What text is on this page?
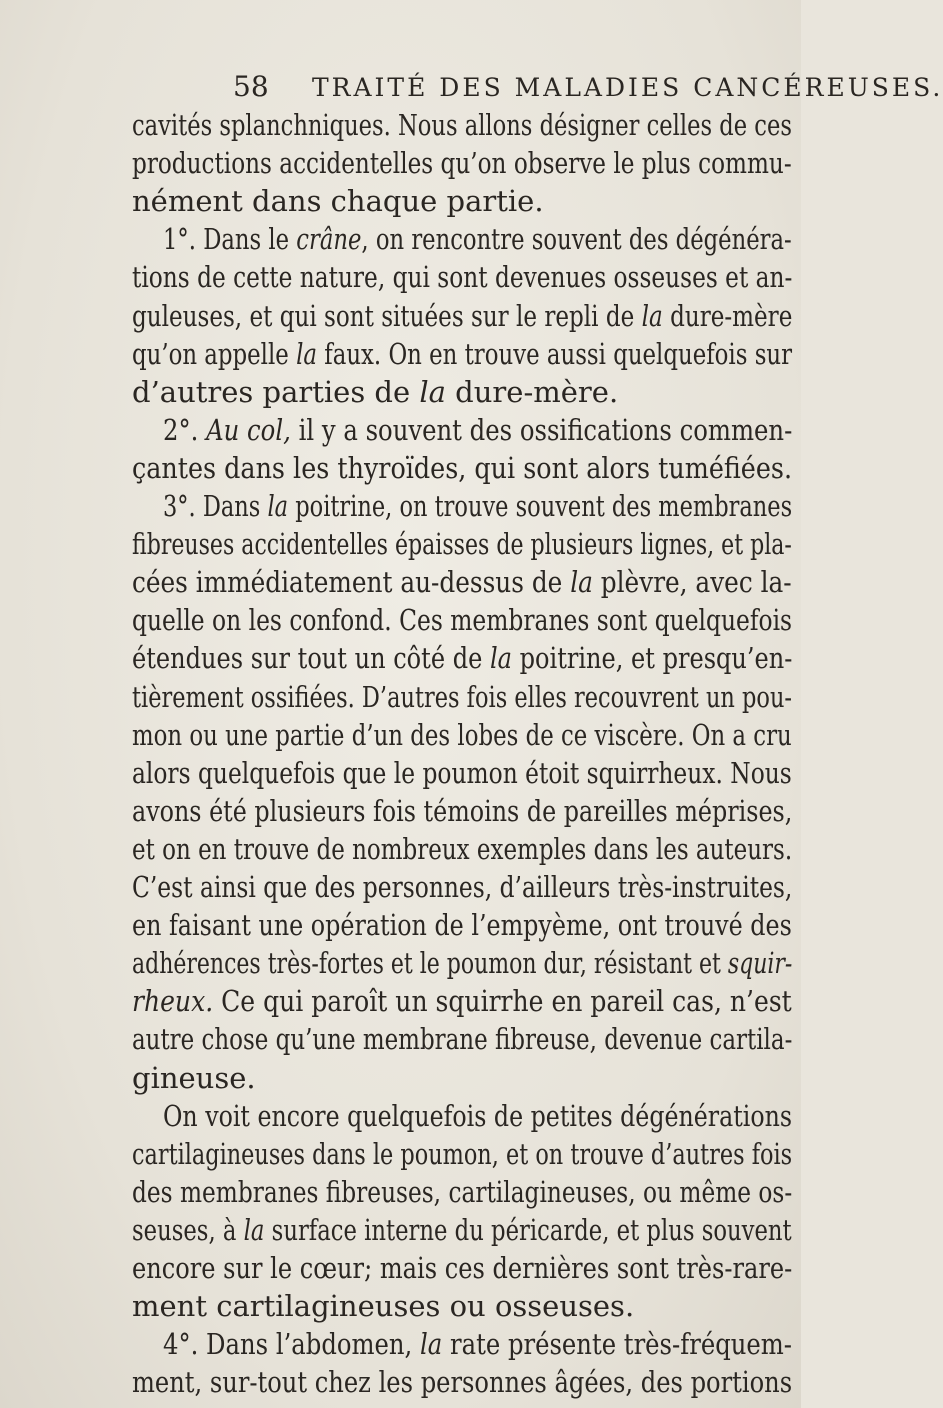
58 TRAITÉ DES MALADIES CANCÉREUSES.
cavités splanchniques. Nous allons désigner celles de ces
productions accidentelles qu’on observe le plus commu-
nément dans chaque partie.
1°. Dans le crâne, on rencontre souvent des dégénéra-
tions de cette nature, qui sont devenues osseuses et an-
guleuses, et qui sont situées sur le repli de la dure-mère
qu’on appelle la faux. On en trouve aussi quelquefois sur
d’autres parties de la dure-mère.
2°. Au col, il y a souvent des ossifications commen-
çantes dans les thyroïdes, qui sont alors tuméfiées.
3°. Dans la poitrine, on trouve souvent des membranes
fibreuses accidentelles épaisses de plusieurs lignes, et pla-
cées immédiatement au-dessus de la plèvre, avec la-
quelle on les confond. Ces membranes sont quelquefois
étendues sur tout un côté de la poitrine, et presqu’en-
tièrement ossifiées. D’autres fois elles recouvrent un pou-
mon ou une partie d’un des lobes de ce viscère. On a cru
alors quelquefois que le poumon étoit squirrheux. Nous
avons été plusieurs fois témoins de pareilles méprises,
et on en trouve de nombreux exemples dans les auteurs.
C’est ainsi que des personnes, d’ailleurs très-instruites,
en faisant une opération de l’empyème, ont trouvé des
adhérences très-fortes et le poumon dur, résistant et squir-
rheux. Ce qui paroît un squirrhe en pareil cas, n’est
autre chose qu’une membrane fibreuse, devenue cartila-
gineuse.
On voit encore quelquefois de petites dégénérations
cartilagineuses dans le poumon, et on trouve d’autres fois
des membranes fibreuses, cartilagineuses, ou même os-
seuses, à la surface interne du péricarde, et plus souvent
encore sur le cœur; mais ces dernières sont très-rare-
ment cartilagineuses ou osseuses.
4°. Dans l’abdomen, la rate présente très-fréquem-
ment, sur-tout chez les personnes âgées, des portions
